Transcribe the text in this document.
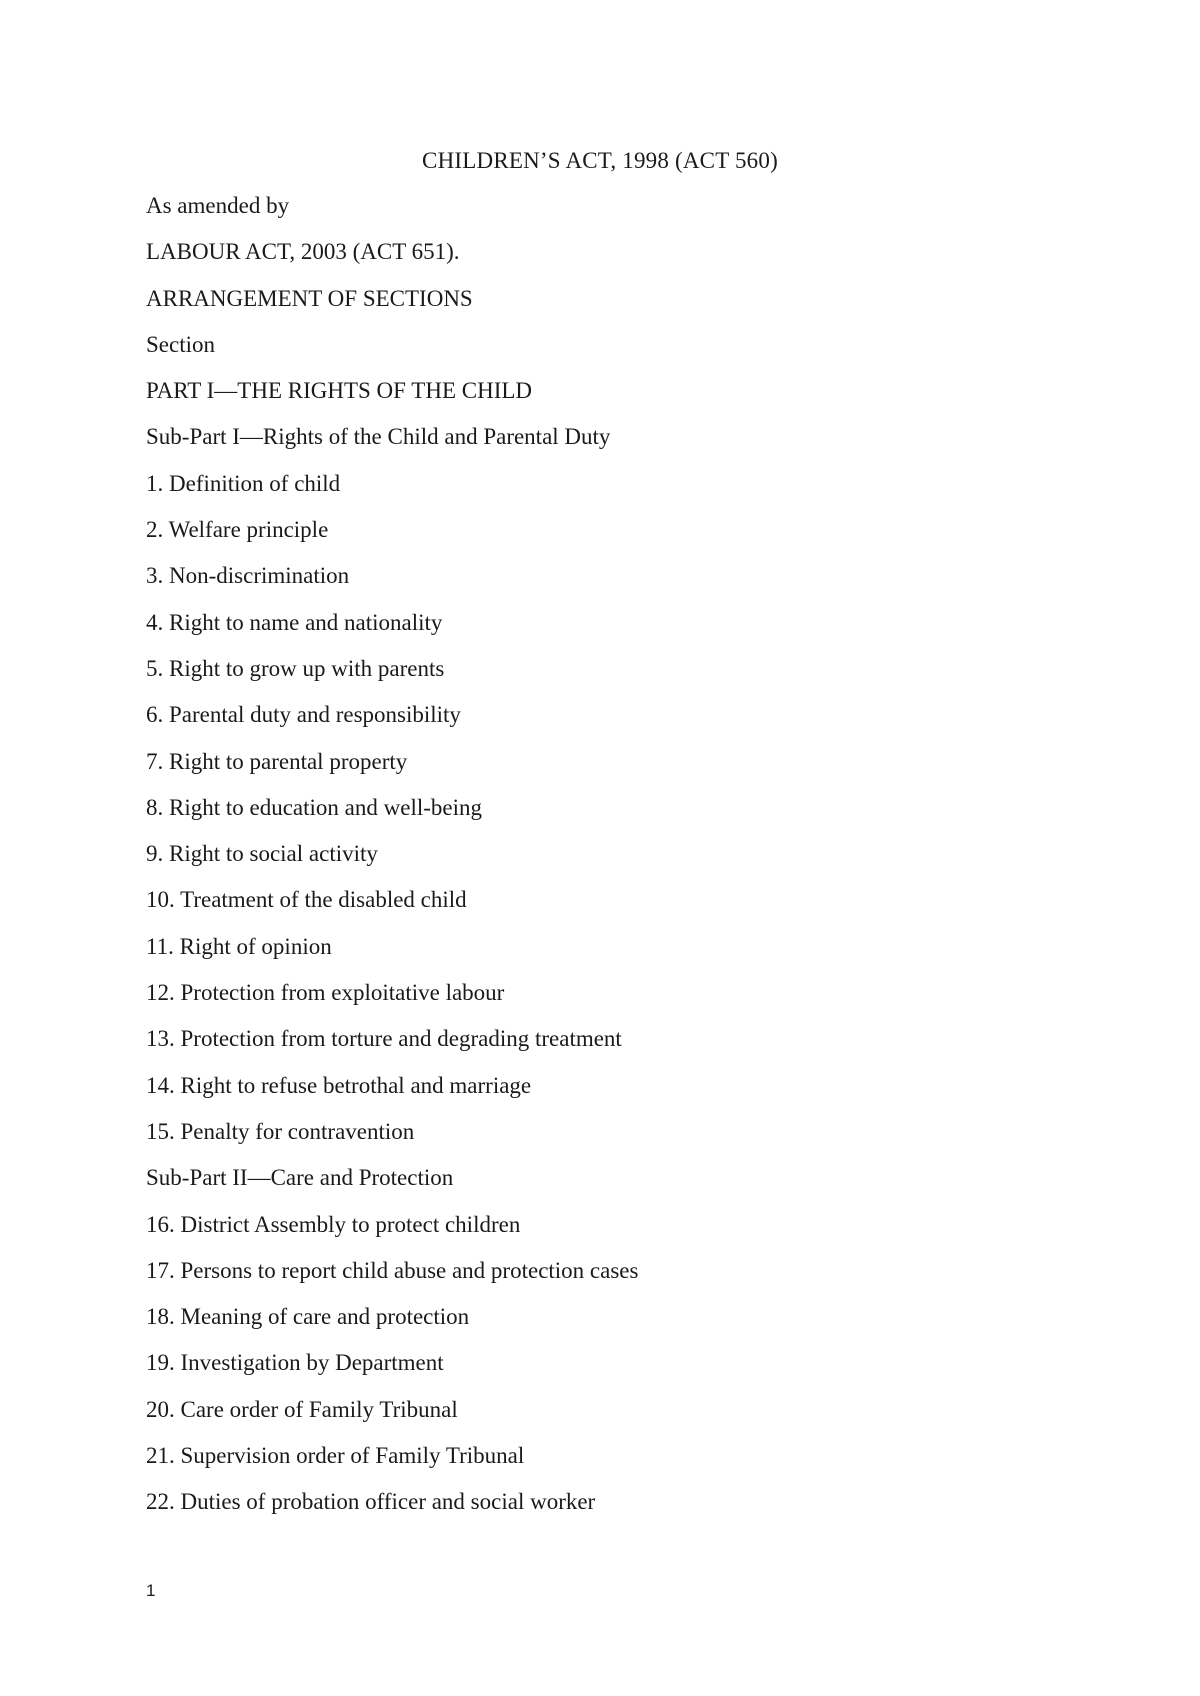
CHILDREN’S ACT, 1998 (ACT 560)
As amended by
LABOUR ACT, 2003 (ACT 651).
ARRANGEMENT OF SECTIONS
Section
PART I—THE RIGHTS OF THE CHILD
Sub-Part I—Rights of the Child and Parental Duty
1. Definition of child
2. Welfare principle
3. Non-discrimination
4. Right to name and nationality
5. Right to grow up with parents
6. Parental duty and responsibility
7. Right to parental property
8. Right to education and well-being
9. Right to social activity
10. Treatment of the disabled child
11. Right of opinion
12. Protection from exploitative labour
13. Protection from torture and degrading treatment
14. Right to refuse betrothal and marriage
15. Penalty for contravention
Sub-Part II—Care and Protection
16. District Assembly to protect children
17. Persons to report child abuse and protection cases
18. Meaning of care and protection
19. Investigation by Department
20. Care order of Family Tribunal
21. Supervision order of Family Tribunal
22. Duties of probation officer and social worker
1
